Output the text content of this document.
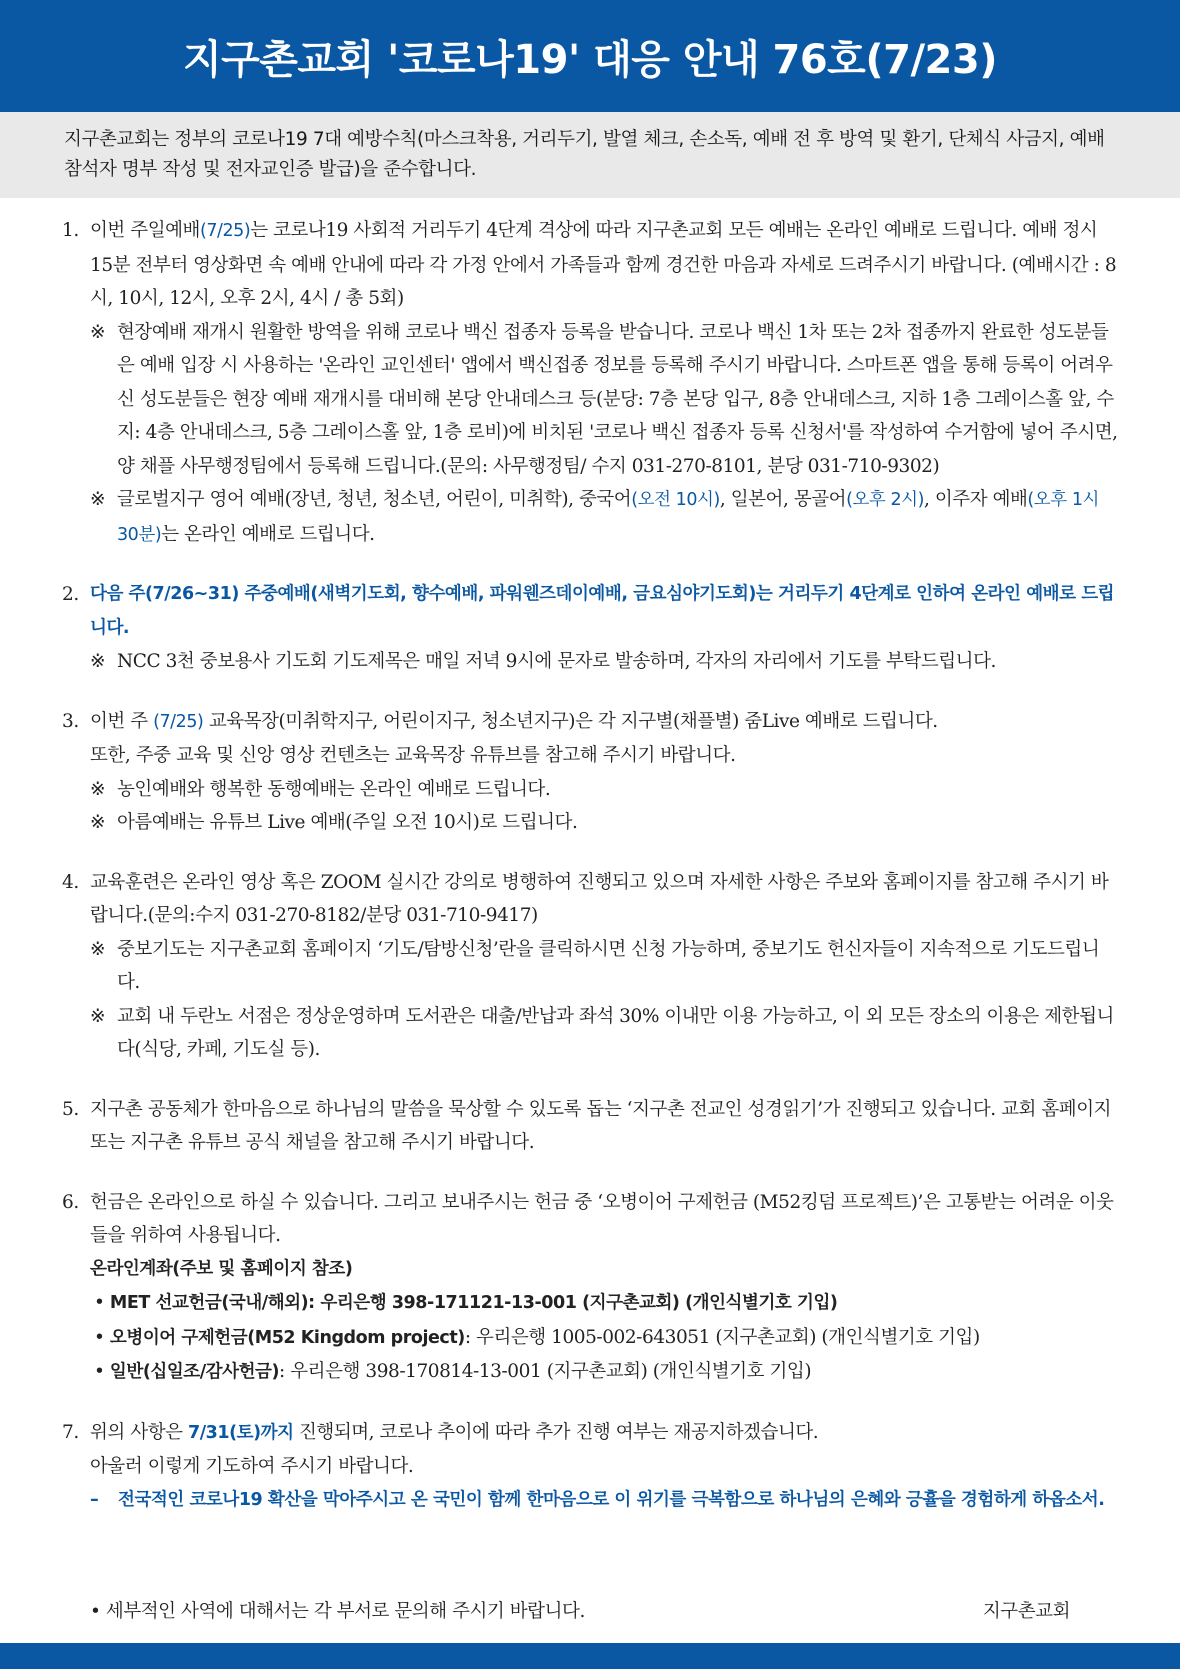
지구촌교회 '코로나19' 대응 안내 76호(7/23)
지구촌교회는 정부의 코로나19 7대 예방수칙(마스크착용, 거리두기, 발열 체크, 손소독, 예배 전 후 방역 및 환기, 단체식 사금지, 예배 참석자 명부 작성 및 전자교인증 발급)을 준수합니다.
1. 이번 주일예배(7/25)는 코로나19 사회적 거리두기 4단계 격상에 따라 지구촌교회 모든 예배는 온라인 예배로 드립니다. 예배 정시 15분 전부터 영상화면 속 예배 안내에 따라 각 가정 안에서 가족들과 함께 경건한 마음과 자세로 드려주시기 바랍니다. (예배시간 : 8시, 10시, 12시, 오후 2시, 4시 / 총 5회)
※ 현장예배 재개시 원활한 방역을 위해 코로나 백신 접종자 등록을 받습니다. 코로나 백신 1차 또는 2차 접종까지 완료한 성도분들은 예배 입장 시 사용하는 '온라인 교인센터' 앱에서 백신접종 정보를 등록해 주시기 바랍니다. 스마트폰 앱을 통해 등록이 어려우신 성도분들은 현장 예배 재개시를 대비해 본당 안내데스크 등(분당: 7층 본당 입구, 8층 안내데스크, 지하 1층 그레이스홀 앞, 수지: 4층 안내데스크, 5층 그레이스홀 앞, 1층 로비)에 비치된 '코로나 백신 접종자 등록 신청서'를 작성하여 수거함에 넣어 주시면, 양 채플 사무행정팀에서 등록해 드립니다.(문의: 사무행정팀/ 수지 031-270-8101, 분당 031-710-9302)
※ 글로벌지구 영어 예배(장년, 청년, 청소년, 어린이, 미취학), 중국어(오전 10시), 일본어, 몽골어(오후 2시), 이주자 예배(오후 1시 30분)는 온라인 예배로 드립니다.
2. 다음 주(7/26~31) 주중예배(새벽기도회, 향수예배, 파워웬즈데이예배, 금요심야기도회)는 거리두기 4단계로 인하여 온라인 예배로 드립니다.
※ NCC 3천 중보용사 기도회 기도제목은 매일 저녁 9시에 문자로 발송하며, 각자의 자리에서 기도를 부탁드립니다.
3. 이번 주 (7/25) 교육목장(미취학지구, 어린이지구, 청소년지구)은 각 지구별(채플별) 줌Live 예배로 드립니다.
또한, 주중 교육 및 신앙 영상 컨텐츠는 교육목장 유튜브를 참고해 주시기 바랍니다.
※ 농인예배와 행복한 동행예배는 온라인 예배로 드립니다.
※ 아름예배는 유튜브 Live 예배(주일 오전 10시)로 드립니다.
4. 교육훈련은 온라인 영상 혹은 ZOOM 실시간 강의로 병행하여 진행되고 있으며 자세한 사항은 주보와 홈페이지를 참고해 주시기 바랍니다.(문의:수지 031-270-8182/분당 031-710-9417)
※ 중보기도는 지구촌교회 홈페이지 ‘기도/탐방신청’란을 클릭하시면 신청 가능하며, 중보기도 헌신자들이 지속적으로 기도드립니다.
※ 교회 내 두란노 서점은 정상운영하며 도서관은 대출/반납과 좌석 30% 이내만 이용 가능하고, 이 외 모든 장소의 이용은 제한됩니다(식당, 카페, 기도실 등).
5. 지구촌 공동체가 한마음으로 하나님의 말씀을 묵상할 수 있도록 돕는 ‘지구촌 전교인 성경읽기’가 진행되고 있습니다. 교회 홈페이지 또는 지구촌 유튜브 공식 채널을 참고해 주시기 바랍니다.
6. 헌금은 온라인으로 하실 수 있습니다. 그리고 보내주시는 헌금 중 ‘오병이어 구제헌금 (M52킹덤 프로젝트)’은 고통받는 어려운 이웃들을 위하여 사용됩니다.
온라인계좌(주보 및 홈페이지 참조)
• MET 선교헌금(국내/해외): 우리은행 398-171121-13-001 (지구촌교회) (개인식별기호 기입)
• 오병이어 구제헌금(M52 Kingdom project): 우리은행 1005-002-643051 (지구촌교회) (개인식별기호 기입)
• 일반(십일조/감사헌금): 우리은행 398-170814-13-001 (지구촌교회) (개인식별기호 기입)
7. 위의 사항은 7/31(토)까지 진행되며, 코로나 추이에 따라 추가 진행 여부는 재공지하겠습니다.
아울러 이렇게 기도하여 주시기 바랍니다.
–	전국적인 코로나19 확산을 막아주시고 온 국민이 함께 한마음으로 이 위기를 극복함으로 하나님의 은혜와 긍휼을 경험하게 하옵소서.
• 세부적인 사역에 대해서는 각 부서로 문의해 주시기 바랍니다.	지구촌교회
